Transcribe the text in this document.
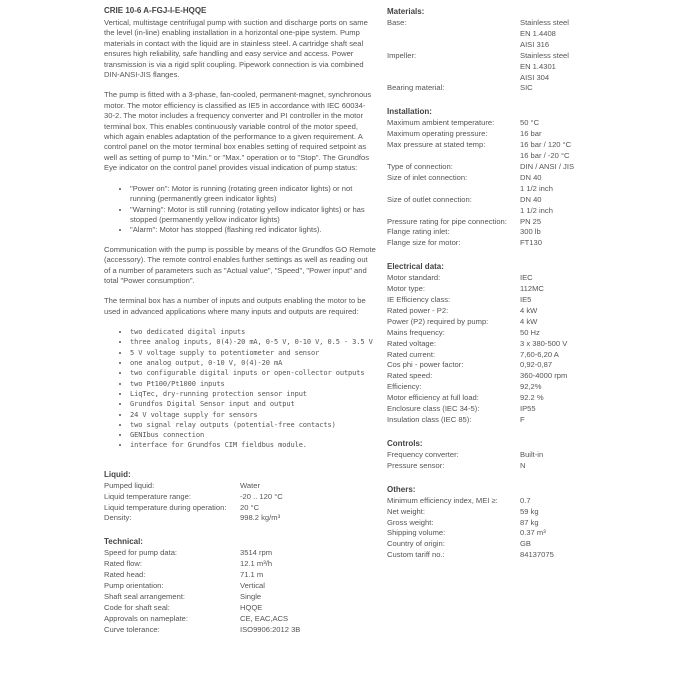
CRIE 10-6 A-FGJ-I-E-HQQE

Vertical, multistage centrifugal pump with suction and discharge ports on same the level (in-line) enabling installation in a horizontal one-pipe system. Pump materials in contact with the liquid are in stainless steel. A cartridge shaft seal ensures high reliability, safe handling and easy service and access. Power transmission is via a rigid split coupling. Pipework connection is via combined DIN-ANSI-JIS flanges.

The pump is fitted with a 3-phase, fan-cooled, permanent-magnet, synchronous motor. The motor efficiency is classified as IE5 in accordance with IEC 60034-30-2. The motor includes a frequency converter and PI controller in the motor terminal box. This enables continuously variable control of the motor speed, which again enables adaptation of the performance to a given requirement. A control panel on the motor terminal box enables setting of required setpoint as well as setting of pump to "Min." or "Max." operation or to "Stop". The Grundfos Eye indicator on the control panel provides visual indication of pump status:

• "Power on": Motor is running (rotating green indicator lights) or not running (permanently green indicator lights)
• "Warning": Motor is still running (rotating yellow indicator lights) or has stopped (permanently yellow indicator lights)
• "Alarm": Motor has stopped (flashing red indicator lights).

Communication with the pump is possible by means of the Grundfos GO Remote (accessory). The remote control enables further settings as well as reading out of a number of parameters such as "Actual value", "Speed", "Power input" and total "Power consumption".

The terminal box has a number of inputs and outputs enabling the motor to be used in advanced applications where many inputs and outputs are required:

• two dedicated digital inputs
• three analog inputs, 0(4)-20 mA, 0-5 V, 0-10 V, 0.5 - 3.5 V
• 5 V voltage supply to potentiometer and sensor
• one analog output, 0-10 V, 0(4)-20 mA
• two configurable digital inputs or open-collector outputs
• two Pt100/Pt1000 inputs
• LiqTec, dry-running protection sensor input
• Grundfos Digital Sensor input and output
• 24 V voltage supply for sensors
• two signal relay outputs (potential-free contacts)
• GENIbus connection
• interface for Grundfos CIM fieldbus module.
Liquid:
Pumped liquid:	Water
Liquid temperature range:	-20 .. 120 °C
Liquid temperature during operation:	20 °C
Density:	998.2 kg/m³
Technical:
Speed for pump data:	3514 rpm
Rated flow:	12.1 m³/h
Rated head:	71.1 m
Pump orientation:	Vertical
Shaft seal arrangement:	Single
Code for shaft seal:	HQQE
Approvals on nameplate:	CE, EAC,ACS
Curve tolerance:	ISO9906:2012 3B
Materials:
Base:	Stainless steel
	EN 1.4408
	AISI 316
Impeller:	Stainless steel
	EN 1.4301
	AISI 304
Bearing material:	SIC
Installation:
Maximum ambient temperature:	50 °C
Maximum operating pressure:	16 bar
Max pressure at stated temp:	16 bar / 120 °C
	16 bar / -20 °C
Type of connection:	DIN / ANSI / JIS
Size of inlet connection:	DN 40
	1 1/2 inch
Size of outlet connection:	DN 40
	1 1/2 inch
Pressure rating for pipe connection:	PN 25
Flange rating inlet:	300 lb
Flange size for motor:	FT130
Electrical data:
Motor standard:	IEC
Motor type:	112MC
IE Efficiency class:	IE5
Rated power - P2:	4 kW
Power (P2) required by pump:	4 kW
Mains frequency:	50 Hz
Rated voltage:	3 x 380-500 V
Rated current:	7,60-6,20 A
Cos phi - power factor:	0,92-0,87
Rated speed:	360-4000 rpm
Efficiency:	92,2%
Motor efficiency at full load:	92.2 %
Enclosure class (IEC 34-5):	IP55
Insulation class (IEC 85):	F
Controls:
Frequency converter:	Built-in
Pressure sensor:	N
Others:
Minimum efficiency index, MEI ≥:	0.7
Net weight:	59 kg
Gross weight:	87 kg
Shipping volume:	0.37 m³
Country of origin:	GB
Custom tariff no.:	84137075
